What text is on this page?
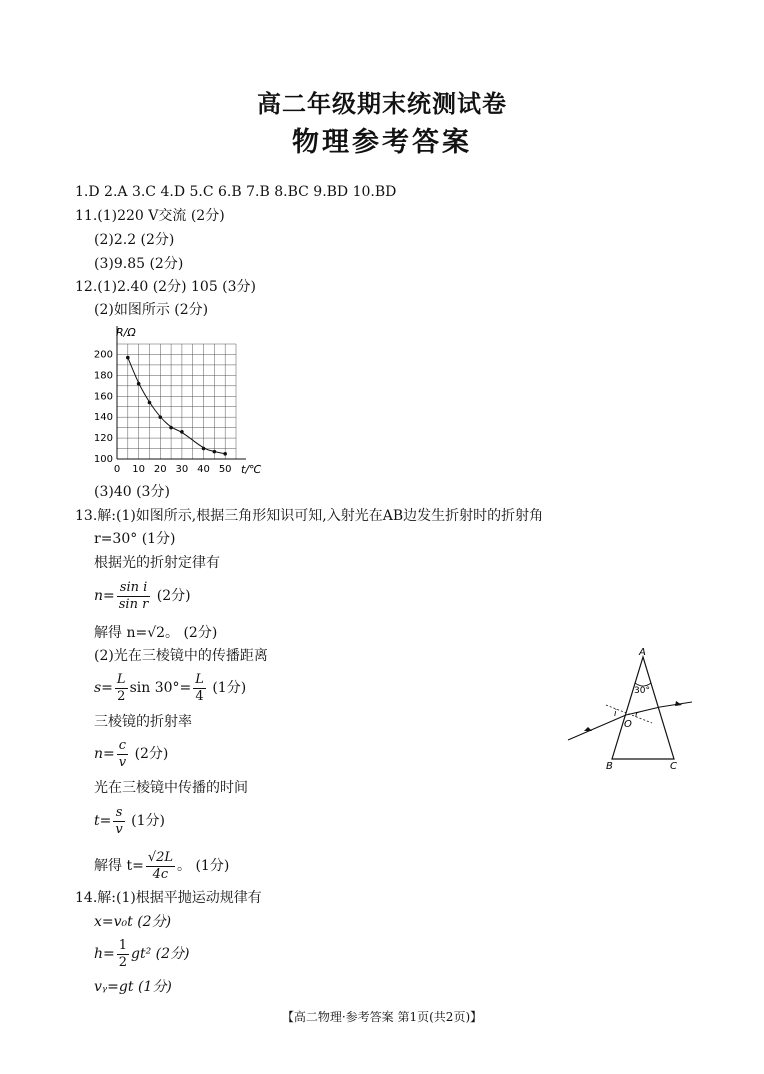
高二年级期末统测试卷
物理参考答案
1.D 2.A 3.C 4.D 5.C 6.B 7.B 8.BC 9.BD 10.BD
11.(1)220 V交流 (2分)
(2)2.2 (2分)
(3)9.85 (2分)
12.(1)2.40 (2分) 105 (3分)
(2)如图所示 (2分)
200
180
160
140
120
100
0 10 20 30 40 50
R/Ω
t/℃
(3)40 (3分)
13.解:(1)如图所示,根据三角形知识可知,入射光在AB边发生折射时的折射角
r=30° (1分)
根据光的折射定律有
$n= \frac{\text{sin i}}{\text{sin r}} (2$分)
解得 n=√2。 (2分)
(2)光在三棱镜中的传播距离
$s= \frac{L}{2}$ $\sin 30^\circ= \frac{L}{4} (1$分)
三棱镜的折射率
$n= \frac{c}{v} (2$分)
光在三棱镜中传播的时间
$t= \frac{s}{v} (1$分)
解得 $t= \frac{√2L}{4c}$ 。 (1分)
A
B	C
O
30°
i r
14.解:(1)根据平抛运动规律有
x=v₀t (2分)
$h= \frac{1}{2} gt^2$ (2分)
vᵧ=gt (1分)
【高二物理·参考答案 第1页(共2页)】
